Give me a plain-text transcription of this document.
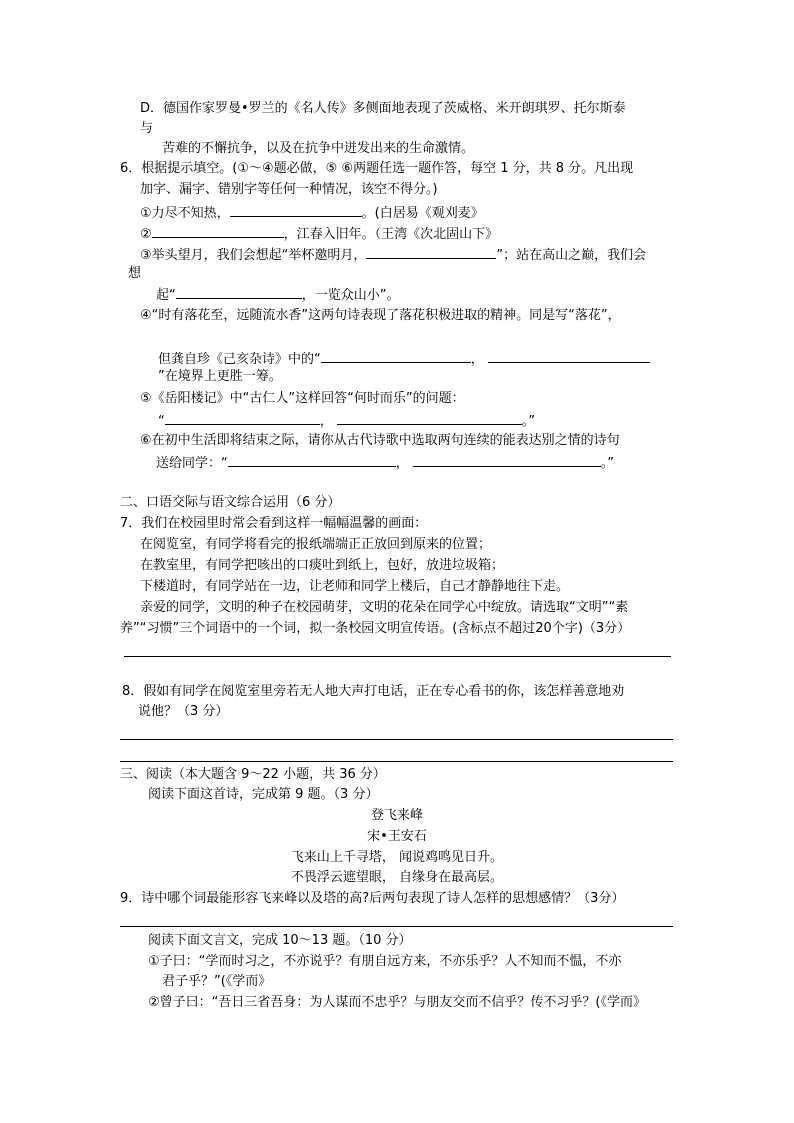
D．德国作家罗曼•罗兰的《名人传》多侧面地表现了茨威格、米开朗琪罗、托尔斯泰
与
苦难的不懈抗争，以及在抗争中迸发出来的生命激情。
6．根据提示填空。(①～④题必做，⑤ ⑥两题任选一题作答，每空 1 分，共 8 分。凡出现
加字、漏字、错别字等任何一种情况，该空不得分。)
①力尽不知热，	。(白居易《观刈麦》
②	，江春入旧年。（王湾《次北固山下》
③举头望月，我们会想起“举杯邀明月，	”；站在高山之巅，我们会
想
起“	，一览众山小”。
④“时有落花至，远随流水香”这两句诗表现了落花积极进取的精神。同是写“落花”，
但龚自珍《己亥杂诗》中的“	，
”在境界上更胜一筹。
⑤《岳阳楼记》中“古仁人”这样回答“何时而乐”的问题：
“	，	。”
⑥在初中生活即将结束之际，请你从古代诗歌中选取两句连续的能表达别之情的诗句
送给同学：“	，	。”
二、口语交际与语文综合运用（6 分）
7．我们在校园里时常会看到这样一幅幅温馨的画面：
在阅览室，有同学将看完的报纸端端正正放回到原来的位置；
在教室里，有同学把咳出的口痰吐到纸上，包好，放进垃圾箱；
下楼道时，有同学站在一边，让老师和同学上楼后，自己才静静地往下走。
亲爱的同学，文明的种子在校园萌芽，文明的花朵在同学心中绽放。请选取“文明”“素
养”“习惯”三个词语中的一个词，拟一条校园文明宣传语。(含标点不超过20个字)（3分）
8．假如有同学在阅览室里旁若无人地大声打电话，正在专心看书的你，该怎样善意地劝
说他？（3 分）
三、阅读（本大题含 9～22 小题，共 36 分）
阅读下面这首诗，完成第 9 题。（3 分）
登飞来峰
宋•王安石
飞来山上千寻塔， 闻说鸡鸣见日升。
不畏浮云遮望眼， 自缘身在最高层。
9．诗中哪个词最能形容飞来峰以及塔的高?后两句表现了诗人怎样的思想感情？（3分）
阅读下面文言文，完成 10～13 题。（10 分）
①子曰：“学而时习之，不亦说乎？有朋自远方来，不亦乐乎？人不知而不愠，不亦
君子乎？”(《学而》
②曾子曰：“吾日三省吾身：为人谋而不忠乎？与朋友交而不信乎？传不习乎？(《学而》
